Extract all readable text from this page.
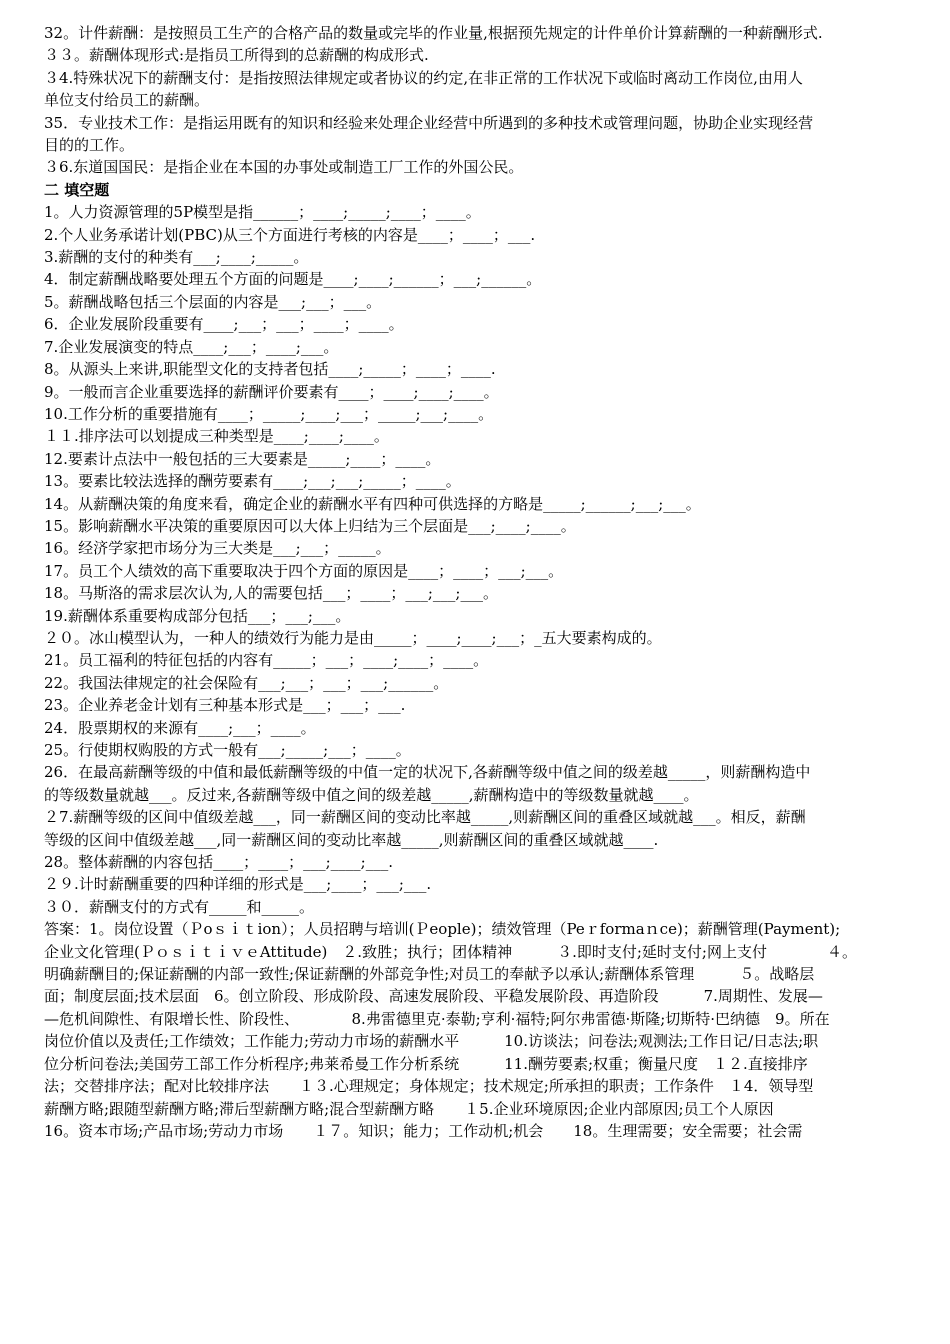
32。计件薪酬：是按照员工生产的合格产品的数量或完毕的作业量,根据预先规定的计件单价计算薪酬的一种薪酬形式.
３３。薪酬体现形式:是指员工所得到的总薪酬的构成形式.
３4.特殊状况下的薪酬支付：是指按照法律规定或者协议的约定,在非正常的工作状况下或临时离动工作岗位,由用人
单位支付给员工的薪酬。
35．专业技术工作：是指运用既有的知识和经验来处理企业经营中所遇到的多种技术或管理问题，协助企业实现经营
目的的工作。
３6.东道国国民：是指企业在本国的办事处或制造工厂工作的外国公民。
二 填空题
1。人力资源管理的5P模型是指______；____;_____;____；____。
2.个人业务承诺计划(PBC)从三个方面进行考核的内容是____；____；___.
3.薪酬的支付的种类有___;____;_____。
4．制定薪酬战略要处理五个方面的问题是____;____;______；___;______。
5。薪酬战略包括三个层面的内容是___;___；___。
6．企业发展阶段重要有____;___；___；____；____。
7.企业发展演变的特点____;___；____;___。
8。从源头上来讲,职能型文化的支持者包括____;_____；____；____.
9。一般而言企业重要选择的薪酬评价要素有____；____;____;____。
10.工作分析的重要措施有____；_____;____;___；_____;___;____。
１１.排序法可以划提成三种类型是____;____;____。
12.要素计点法中一般包括的三大要素是_____;____；____。
13。要素比较法选择的酬劳要素有____;___;___;_____；____。
14。从薪酬决策的角度来看，确定企业的薪酬水平有四种可供选择的方略是_____;______;___;___。
15。影响薪酬水平决策的重要原因可以大体上归结为三个层面是___;____;____。
16。经济学家把市场分为三大类是___;___；_____。
17。员工个人绩效的高下重要取决于四个方面的原因是____；____；___;___。
18。马斯洛的需求层次认为,人的需要包括___；____；___;___;___。
19.薪酬体系重要构成部分包括___；___;___。
２０。冰山模型认为，一种人的绩效行为能力是由_____；____;____;___；_五大要素构成的。
21。员工福利的特征包括的内容有_____；___；____;____；____。
22。我国法律规定的社会保险有___;___；___；___;______。
23。企业养老金计划有三种基本形式是___；___；___.
24．股票期权的来源有____;___；____。
25。行使期权购股的方式一般有___;_____;___；____。
26．在最高薪酬等级的中值和最低薪酬等级的中值一定的状况下,各薪酬等级中值之间的级差越_____，则薪酬构造中
的等级数量就越___。反过来,各薪酬等级中值之间的级差越_____,薪酬构造中的等级数量就越____。
２7.薪酬等级的区间中值级差越___，同一薪酬区间的变动比率越_____,则薪酬区间的重叠区域就越___。相反，薪酬
等级的区间中值级差越___,同一薪酬区间的变动比率越_____,则薪酬区间的重叠区域就越____.
28。整体薪酬的内容包括____；____；___;____;___.
２９.计时薪酬重要的四种详细的形式是___;____；___;___.
３０．薪酬支付的方式有_____和_____。
答案：1。岗位设置（Ｐoｓｉｔion）；人员招聘与培训(Ｐeople)；绩效管理（Peｒformaｎce)；薪酬管理(Payment);
企业文化管理(ＰｏｓｉｔｉｖｅAttitude)　２.致胜；执行；团体精神　　　３.即时支付;延时支付;网上支付　　　　４。
明确薪酬目的;保证薪酬的内部一致性;保证薪酬的外部竞争性;对员工的奉献予以承认;薪酬体系管理　　　５。战略层
面；制度层面;技术层面　6。创立阶段、形成阶段、高速发展阶段、平稳发展阶段、再造阶段　　　7.周期性、发展—
—危机间隙性、有限增长性、阶段性、　　　　8.弗雷德里克·泰勒;亨利·福特;阿尔弗雷德·斯隆;切斯特·巴纳德　9。所在
岗位价值以及责任;工作绩效；工作能力;劳动力市场的薪酬水平　　　10.访谈法；问卷法;观测法;工作日记/日志法;职
位分析问卷法;美国劳工部工作分析程序;弗莱希曼工作分析系统　　　11.酬劳要素;权重；衡量尺度　１２.直接排序
法；交替排序法；配对比较排序法　　１３.心理规定；身体规定；技术规定;所承担的职责；工作条件　１4．领导型
薪酬方略;跟随型薪酬方略;滞后型薪酬方略;混合型薪酬方略　　１5.企业环境原因;企业内部原因;员工个人原因
16。资本市场;产品市场;劳动力市场　　１７。知识；能力；工作动机;机会　　18。生理需要；安全需要；社会需
